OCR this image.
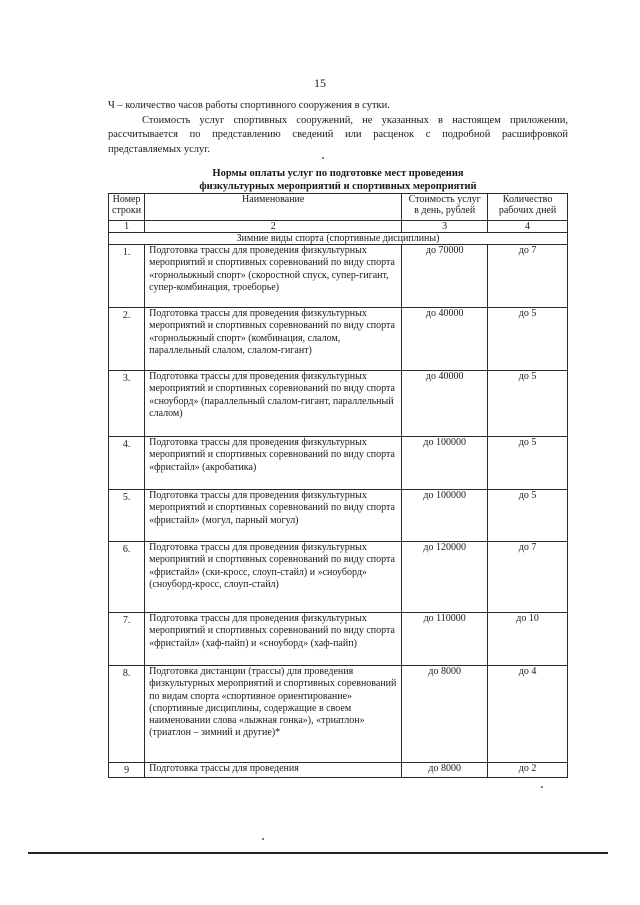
15

Ч – количество часов работы спортивного сооружения в сутки.

Стоимость услуг спортивных сооружений, не указанных в настоящем приложении, рассчитывается по представлению сведений или расценок с подробной расшифровкой представляемых услуг.

Нормы оплаты услуг по подготовке мест проведения
физкультурных мероприятий и спортивных мероприятий
Номер строки	Наименование	Стоимость услуг в день, рублей	Количество рабочих дней
1	2	3	4
Зимние виды спорта (спортивные дисциплины)			
1.	Подготовка трассы для проведения физкультурных мероприятий и спортивных соревнований по виду спорта «горнолыжный спорт» (скоростной спуск, супер-гигант, супер-комбинация, троеборье)	до 70000	до 7
2.	Подготовка трассы для проведения физкультурных мероприятий и спортивных соревнований по виду спорта «горнолыжный спорт» (комбинация, слалом, параллельный слалом, слалом-гигант)	до 40000	до 5
3.	Подготовка трассы для проведения физкультурных мероприятий и спортивных соревнований по виду спорта «сноуборд» (параллельный слалом-гигант, параллельный слалом)	до 40000	до 5
4.	Подготовка трассы для проведения физкультурных мероприятий и спортивных соревнований по виду спорта «фристайл» (акробатика)	до 100000	до 5
5.	Подготовка трассы для проведения физкультурных мероприятий и спортивных соревнований по виду спорта «фристайл» (могул, парный могул)	до 100000	до 5
6.	Подготовка трассы для проведения физкультурных мероприятий и спортивных соревнований по виду спорта «фристайл» (ски-кросс, слоуп-стайл) и »сноуборд» (сноуборд-кросс, слоуп-стайл)	до 120000	до 7
7.	Подготовка трассы для проведения физкультурных мероприятий и спортивных соревнований по виду спорта «фристайл» (хаф-пайп) и «сноуборд» (хаф-пайп)	до 110000	до 10
8.	Подготовка дистанции (трассы) для проведения физкультурных мероприятий и спортивных соревнований по видам спорта «спортивное ориентирование» (спортивные дисциплины, содержащие в своем наименовании слова «лыжная гонка»), «триатлон» (триатлон – зимний и другие)*	до 8000	до 4
9	Подготовка трассы для проведения	до 8000	до 2
